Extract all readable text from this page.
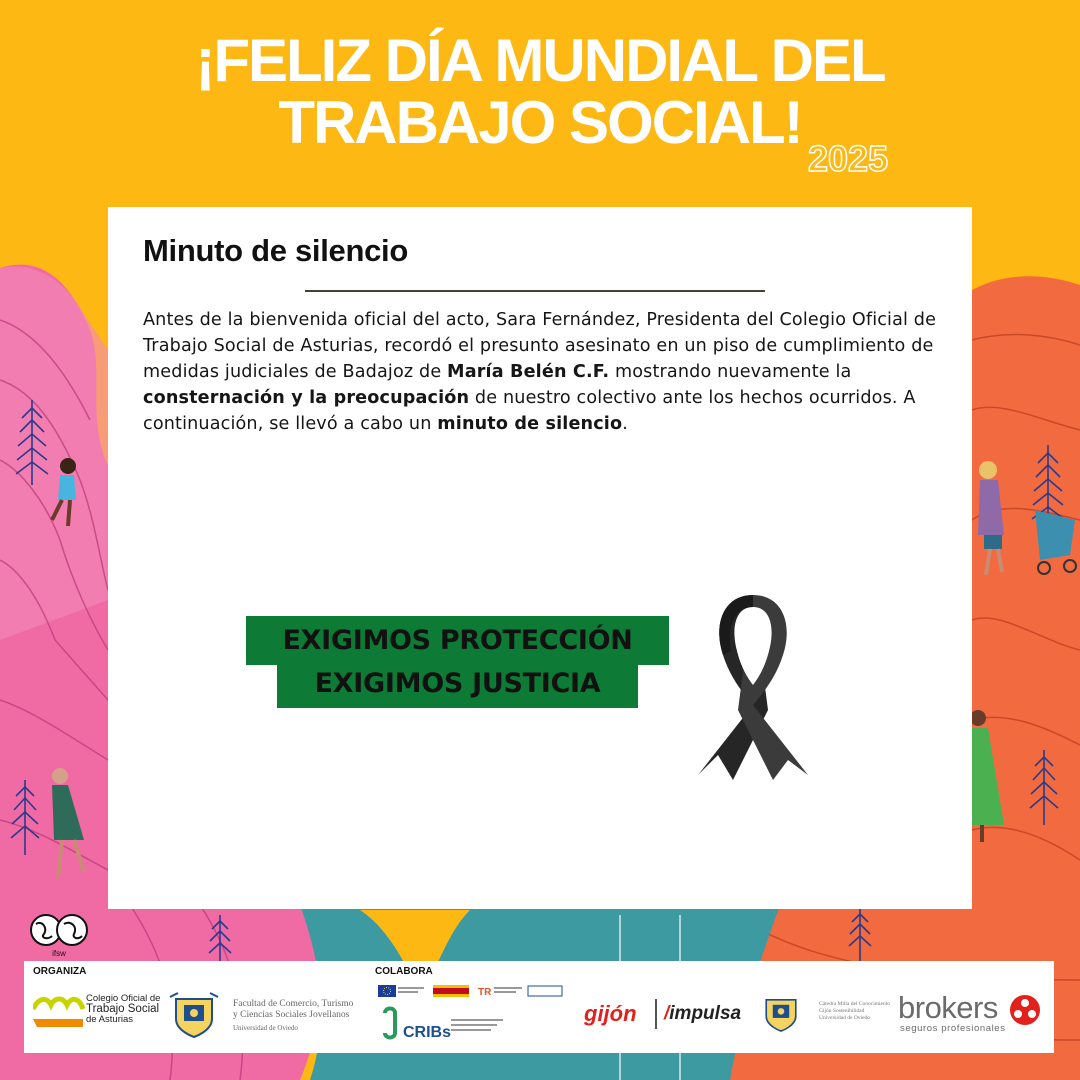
¡FELIZ DÍA MUNDIAL DEL
TRABAJO SOCIAL!
2025
Minuto de silencio

Antes de la bienvenida oficial del acto, Sara Fernández, Presidenta del Colegio Oficial de Trabajo Social de Asturias, recordó el presunto asesinato en un piso de cumplimiento de medidas judiciales de Badajoz de María Belén C.F. mostrando nuevamente la consternación y la preocupación de nuestro colectivo ante los hechos ocurridos. A continuación, se llevó a cabo un minuto de silencio.

EXIGIMOS PROTECCIÓN
EXIGIMOS JUSTICIA
ifsw
ORGANIZA	COLABORA
Colegio Oficial de

Trabajo Social
de Asturias
Facultad de Comercio, Turismo
y Ciencias Sociales Jovellanos
Universidad de Oviedo
TR
CRIBs
gijón /impulsa	Cátedra Milla del Conocimiento
Gijón Sostenibilidad
Universidad de Oviedo brokers
seguros profesionales
